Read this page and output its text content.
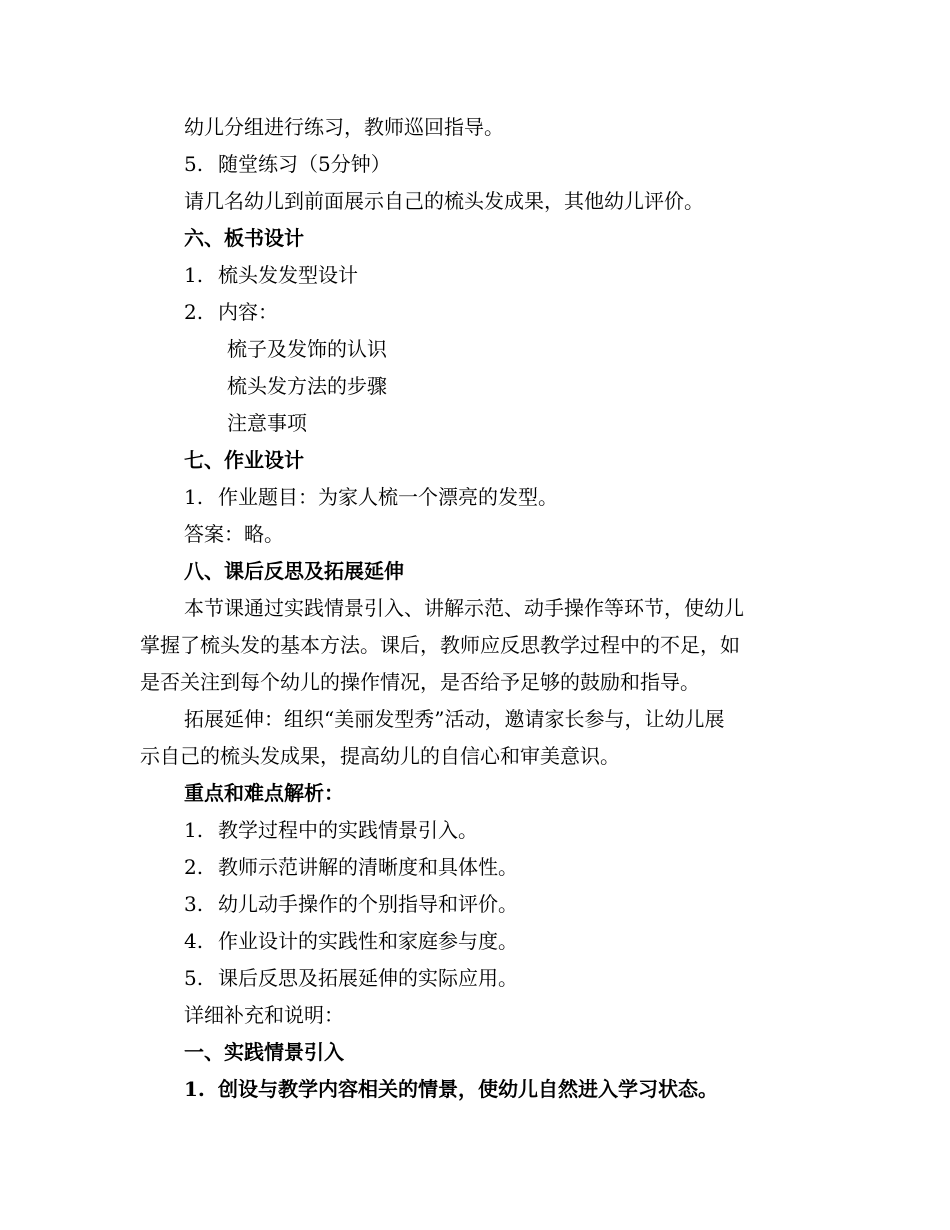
幼儿分组进行练习，教师巡回指导。
5. 随堂练习（5分钟）
请几名幼儿到前面展示自己的梳头发成果，其他幼儿评价。
六、板书设计
1. 梳头发发型设计
2. 内容：
梳子及发饰的认识
梳头发方法的步骤
注意事项
七、作业设计
1. 作业题目：为家人梳一个漂亮的发型。
答案：略。
八、课后反思及拓展延伸
本节课通过实践情景引入、讲解示范、动手操作等环节，使幼儿
掌握了梳头发的基本方法。课后，教师应反思教学过程中的不足，如
是否关注到每个幼儿的操作情况，是否给予足够的鼓励和指导。
拓展延伸：组织“美丽发型秀”活动，邀请家长参与，让幼儿展
示自己的梳头发成果，提高幼儿的自信心和审美意识。
重点和难点解析：
1. 教学过程中的实践情景引入。
2. 教师示范讲解的清晰度和具体性。
3. 幼儿动手操作的个别指导和评价。
4. 作业设计的实践性和家庭参与度。
5. 课后反思及拓展延伸的实际应用。
详细补充和说明：
一、实践情景引入
1. 创设与教学内容相关的情景，使幼儿自然进入学习状态。
